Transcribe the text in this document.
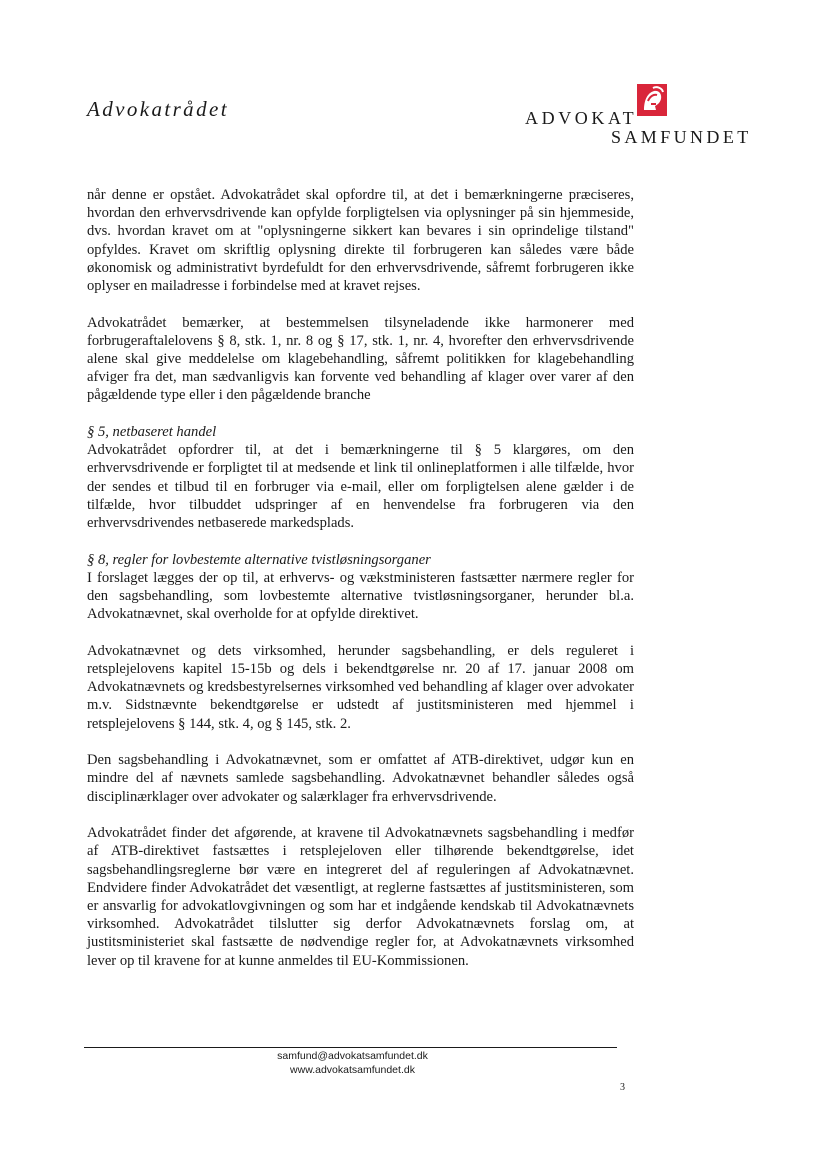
Advokatrådet	ADVOKAT
SAMFUNDET

når denne er opstået. Advokatrådet skal opfordre til, at det i bemærkningerne præciseres, hvordan den erhvervsdrivende kan opfylde forpligtelsen via oplysninger på sin hjemmeside, dvs. hvordan kravet om at "oplysningerne sikkert kan bevares i sin oprindelige tilstand" opfyldes. Kravet om skriftlig oplysning direkte til forbrugeren kan således være både økonomisk og administrativt byrdefuldt for den erhvervsdrivende, såfremt forbrugeren ikke oplyser en mailadresse i forbindelse med at kravet rejses.

Advokatrådet bemærker, at bestemmelsen tilsyneladende ikke harmonerer med forbrugeraftalelovens § 8, stk. 1, nr. 8 og § 17, stk. 1, nr. 4, hvorefter den erhvervsdrivende alene skal give meddelelse om klagebehandling, såfremt politikken for klagebehandling afviger fra det, man sædvanligvis kan forvente ved behandling af klager over varer af den pågældende type eller i den pågældende branche

§ 5, netbaseret handel

Advokatrådet opfordrer til, at det i bemærkningerne til § 5 klargøres, om den erhvervsdrivende er forpligtet til at medsende et link til onlineplatformen i alle tilfælde, hvor der sendes et tilbud til en forbruger via e-mail, eller om forpligtelsen alene gælder i de tilfælde, hvor tilbuddet udspringer af en henvendelse fra forbrugeren via den erhvervsdrivendes netbaserede markedsplads.

§ 8, regler for lovbestemte alternative tvistløsningsorganer

I forslaget lægges der op til, at erhvervs- og vækstministeren fastsætter nærmere regler for den sagsbehandling, som lovbestemte alternative tvistløsningsorganer, herunder bl.a. Advokatnævnet, skal overholde for at opfylde direktivet.

Advokatnævnet og dets virksomhed, herunder sagsbehandling, er dels reguleret i retsplejelovens kapitel 15-15b og dels i bekendtgørelse nr. 20 af 17. januar 2008 om Advokatnævnets og kredsbestyrelsernes virksomhed ved behandling af klager over advokater m.v. Sidstnævnte bekendtgørelse er udstedt af justitsministeren med hjemmel i retsplejelovens § 144, stk. 4, og § 145, stk. 2.

Den sagsbehandling i Advokatnævnet, som er omfattet af ATB-direktivet, udgør kun en mindre del af nævnets samlede sagsbehandling. Advokatnævnet behandler således også disciplinærklager over advokater og salærklager fra erhvervsdrivende.

Advokatrådet finder det afgørende, at kravene til Advokatnævnets sagsbehandling i medfør af ATB-direktivet fastsættes i retsplejeloven eller tilhørende bekendtgørelse, idet sagsbehandlingsreglerne bør være en integreret del af reguleringen af Advokatnævnet. Endvidere finder Advokatrådet det væsentligt, at reglerne fastsættes af justitsministeren, som er ansvarlig for advokatlovgivningen og som har et indgående kendskab til Advokatnævnets virksomhed. Advokatrådet tilslutter sig derfor Advokatnævnets forslag om, at justitsministeriet skal fastsætte de nødvendige regler for, at Advokatnævnets virksomhed lever op til kravene for at kunne anmeldes til EU-Kommissionen.

samfund@advokatsamfundet.dk
www.advokatsamfundet.dk
3
